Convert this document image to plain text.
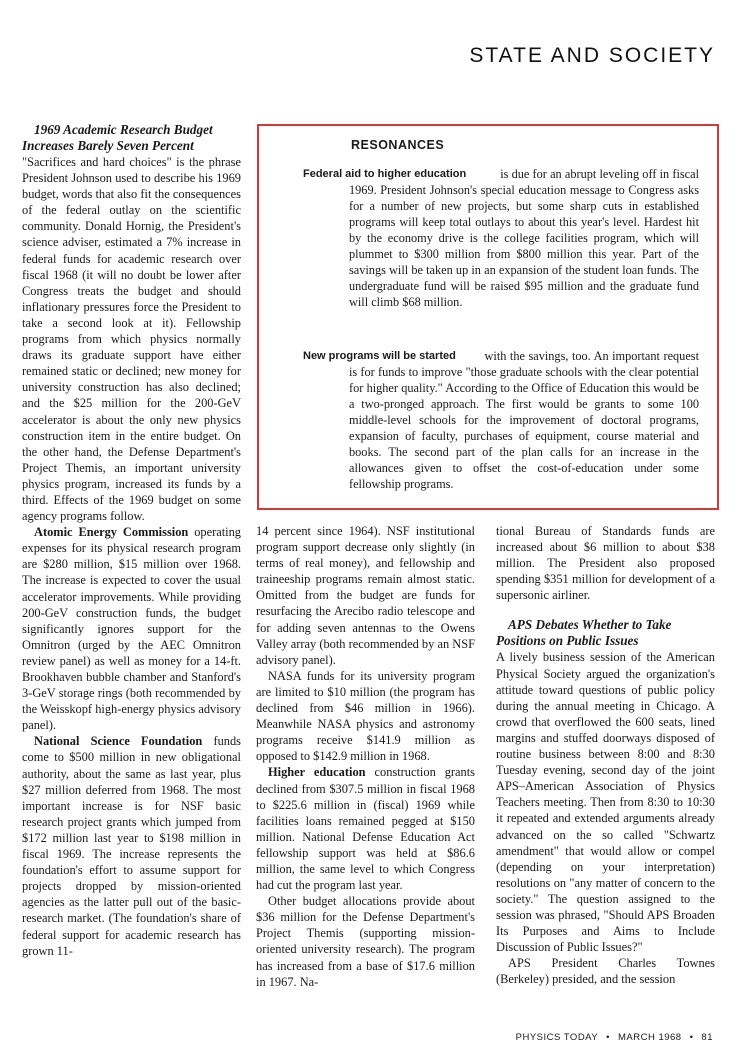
STATE AND SOCIETY

1969 Academic Research Budget Increases Barely Seven Percent

"Sacrifices and hard choices" is the phrase President Johnson used to describe his 1969 budget, words that also fit the consequences of the federal outlay on the scientific community. Donald Hornig, the President's science adviser, estimated a 7% increase in federal funds for academic research over fiscal 1968 (it will no doubt be lower after Congress treats the budget and should inflationary pressures force the President to take a second look at it). Fellowship programs from which physics normally draws its graduate support have either remained static or declined; new money for university construction has also declined; and the $25 million for the 200-GeV accelerator is about the only new physics construction item in the entire budget. On the other hand, the Defense Department's Project Themis, an important university physics program, increased its funds by a third. Effects of the 1969 budget on some agency programs follow.

Atomic Energy Commission operating expenses for its physical research program are $280 million, $15 million over 1968. The increase is expected to cover the usual accelerator improvements. While providing 200-GeV construction funds, the budget significantly ignores support for the Omnitron (urged by the AEC Omnitron review panel) as well as money for a 14-ft. Brookhaven bubble chamber and Stanford's 3-GeV storage rings (both recommended by the Weisskopf high-energy physics advisory panel).

National Science Foundation funds come to $500 million in new obligational authority, about the same as last year, plus $27 million deferred from 1968. The most important increase is for NSF basic research project grants which jumped from $172 million last year to $198 million in fiscal 1969. The increase represents the foundation's effort to assume support for projects dropped by mission-oriented agencies as the latter pull out of the basic-research market. (The foundation's share of federal support for academic research has grown 11-

RESONANCES
Federal aid to higher education	is due for an abrupt leveling off in fiscal 1969. President Johnson's special education message to Congress asks for a number of new projects, but some sharp cuts in established programs will keep total outlays to about this year's level. Hardest hit by the economy drive is the college facilities program, which will plummet to $300 million from $800 million this year. Part of the savings will be taken up in an expansion of the student loan funds. The undergraduate fund will be raised $95 million and the graduate fund will climb $68 million.
New programs will be started with the savings, too. An important request is for funds to improve "those graduate schools with the clear potential for higher quality." According to the Office of Education this would be a two-pronged approach. The first would be grants to some 100 middle-level schools for the improvement of doctoral programs, expansion of faculty, purchases of equipment, course material and books. The second part of the plan calls for an increase in the allowances given to offset the cost-of-education under some fellowship programs.

14 percent since 1964). NSF institutional program support decrease only slightly (in terms of real money), and fellowship and traineeship programs remain almost static. Omitted from the budget are funds for resurfacing the Arecibo radio telescope and for adding seven antennas to the Owens Valley array (both recommended by an NSF advisory panel).

NASA funds for its university program are limited to $10 million (the program has declined from $46 million in 1966). Meanwhile NASA physics and astronomy programs receive $141.9 million as opposed to $142.9 million in 1968.

Higher education construction grants declined from $307.5 million in fiscal 1968 to $225.6 million in (fiscal) 1969 while facilities loans remained pegged at $150 million. National Defense Education Act fellowship support was held at $86.6 million, the same level to which Congress had cut the program last year.

Other budget allocations provide about $36 million for the Defense Department's Project Themis (supporting mission-oriented university research). The program has increased from a base of $17.6 million in 1967. Na-

tional Bureau of Standards funds are increased about $6 million to about $38 million. The President also proposed spending $351 million for development of a supersonic airliner.

APS Debates Whether to Take Positions on Public Issues

A lively business session of the American Physical Society argued the organization's attitude toward questions of public policy during the annual meeting in Chicago. A crowd that overflowed the 600 seats, lined margins and stuffed doorways disposed of routine business between 8:00 and 8:30 Tuesday evening, second day of the joint APS–American Association of Physics Teachers meeting. Then from 8:30 to 10:30 it repeated and extended arguments already advanced on the so called "Schwartz amendment" that would allow or compel (depending on your interpretation) resolutions on "any matter of concern to the society." The question assigned to the session was phrased, "Should APS Broaden Its Purposes and Aims to Include Discussion of Public Issues?"

APS President Charles Townes (Berkeley) presided, and the session

PHYSICS TODAY • MARCH 1968 • 81
